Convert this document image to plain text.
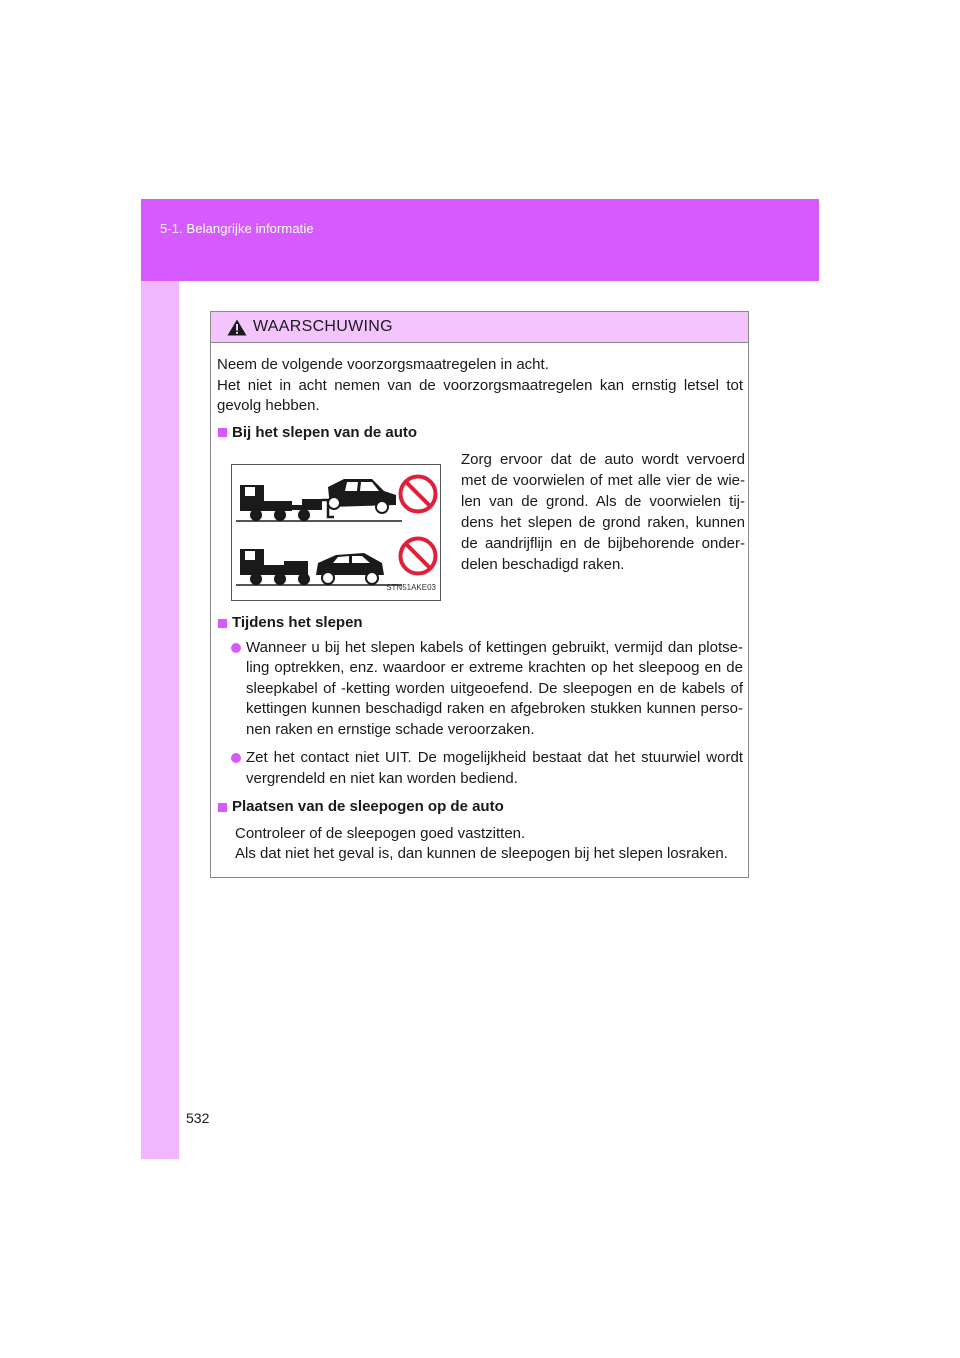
5-1. Belangrijke informatie
WAARSCHUWING

Neem de volgende voorzorgsmaatregelen in acht.

Het niet in acht nemen van de voorzorgsmaatregelen kan ernstig letsel tot gevolg hebben.

Bij het slepen van de auto
STN51AKE03
Zorg ervoor dat de auto wordt vervoerd met de voorwielen of met alle vier de wie-len van de grond. Als de voorwielen tij-dens het slepen de grond raken, kunnen de aandrijflijn en de bijbehorende onder-delen beschadigd raken.
Tijdens het slepen
Wanneer u bij het slepen kabels of kettingen gebruikt, vermijd dan plotse-ling optrekken, enz. waardoor er extreme krachten op het sleepoog en de sleepkabel of -ketting worden uitgeoefend. De sleepogen en de kabels of kettingen kunnen beschadigd raken en afgebroken stukken kunnen perso-nen raken en ernstige schade veroorzaken.
Zet het contact niet UIT. De mogelijkheid bestaat dat het stuurwiel wordt vergrendeld en niet kan worden bediend.
Plaatsen van de sleepogen op de auto

Controleer of de sleepogen goed vastzitten.

Als dat niet het geval is, dan kunnen de sleepogen bij het slepen losraken.

532
